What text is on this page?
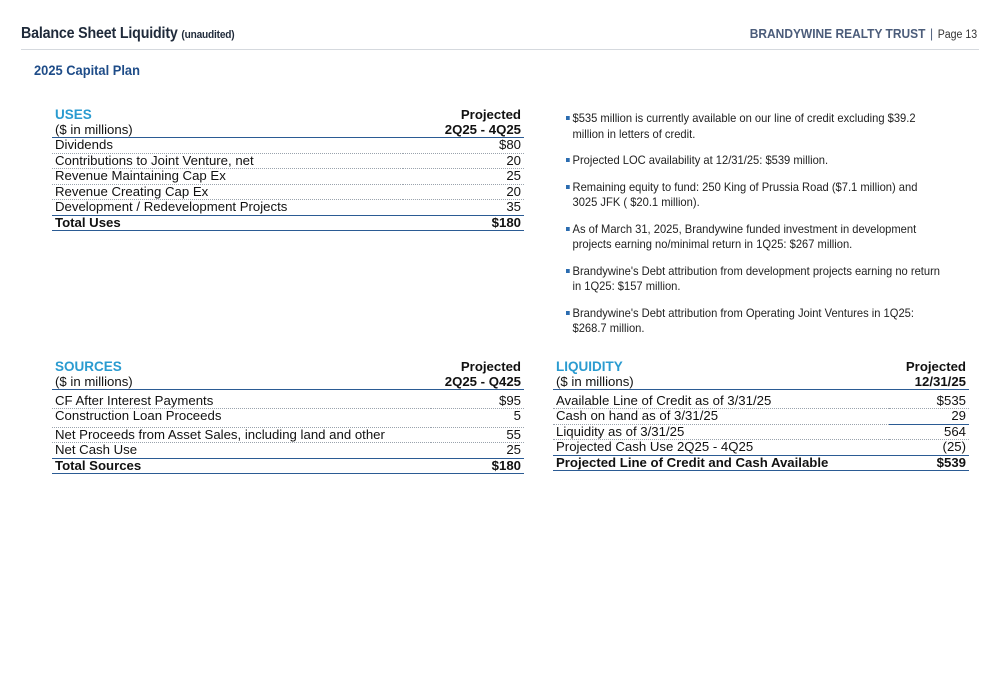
Balance Sheet Liquidity (unaudited)	BRANDYWINE REALTY TRUST | Page 13
2025 Capital Plan
USES	Projected
($ in millions)	2Q25 - 4Q25
Dividends	$80
Contributions to Joint Venture, net	20
Revenue Maintaining Cap Ex	25
Revenue Creating Cap Ex	20
Development / Redevelopment Projects	35
Total Uses	$180
$535 million is currently available on our line of credit excluding $39.2 million in letters of credit.
Projected LOC availability at 12/31/25: $539 million.
Remaining equity to fund: 250 King of Prussia Road ($7.1 million) and 3025 JFK ( $20.1 million).
As of March 31, 2025, Brandywine funded investment in development projects earning no/minimal return in 1Q25: $267 million.
Brandywine's Debt attribution from development projects earning no return in 1Q25: $157 million.
Brandywine's Debt attribution from Operating Joint Ventures in 1Q25: $268.7 million.
SOURCES	Projected
($ in millions)	2Q25 - Q425

CF After Interest Payments	$95
Construction Loan Proceeds	5
Net Proceeds from Asset Sales, including land and other	55
Net Cash Use	25
Total Sources	$180
LIQUIDITY	Projected
($ in millions)	12/31/25

Available Line of Credit as of 3/31/25	$535
Cash on hand as of 3/31/25	29
Liquidity as of 3/31/25	564
Projected Cash Use 2Q25 - 4Q25	(25)
Projected Line of Credit and Cash Available	$539
